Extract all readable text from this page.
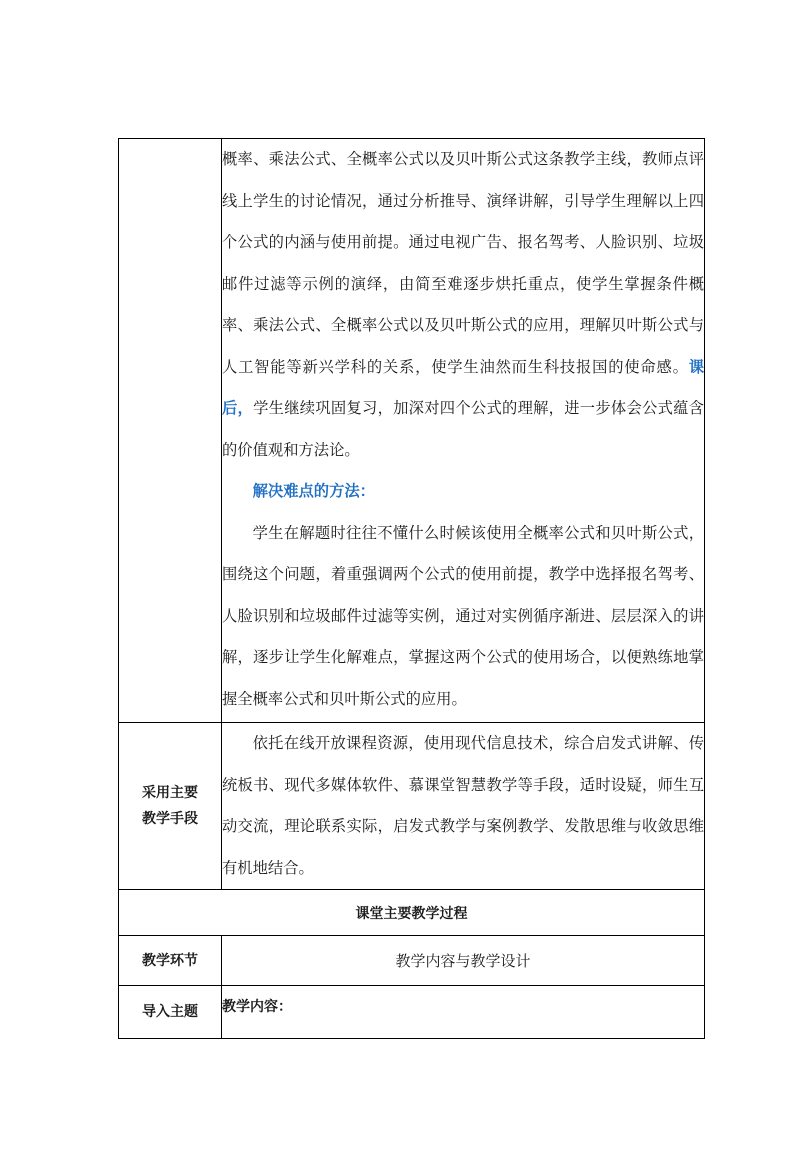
	概率、乘法公式、全概率公式以及贝叶斯公式这条教学主线，教师点评线上学生的讨论情况，通过分析推导、演绎讲解，引导学生理解以上四个公式的内涵与使用前提。通过电视广告、报名驾考、人脸识别、垃圾邮件过滤等示例的演绎，由简至难逐步烘托重点，使学生掌握条件概率、乘法公式、全概率公式以及贝叶斯公式的应用，理解贝叶斯公式与人工智能等新兴学科的关系，使学生油然而生科技报国的使命感。课后，学生继续巩固复习，加深对四个公式的理解，进一步体会公式蕴含的价值观和方法论。

解决难点的方法：

学生在解题时往往不懂什么时候该使用全概率公式和贝叶斯公式，围绕这个问题，着重强调两个公式的使用前提，教学中选择报名驾考、人脸识别和垃圾邮件过滤等实例，通过对实例循序渐进、层层深入的讲解，逐步让学生化解难点，掌握这两个公式的使用场合，以便熟练地掌握全概率公式和贝叶斯公式的应用。

采用主要
教学手段	依托在线开放课程资源，使用现代信息技术，综合启发式讲解、传统板书、现代多媒体软件、慕课堂智慧教学等手段，适时设疑，师生互动交流，理论联系实际，启发式教学与案例教学、发散思维与收敛思维有机地结合。

课堂主要教学过程	
教学环节	教学内容与教学设计
导入主题	教学内容：
